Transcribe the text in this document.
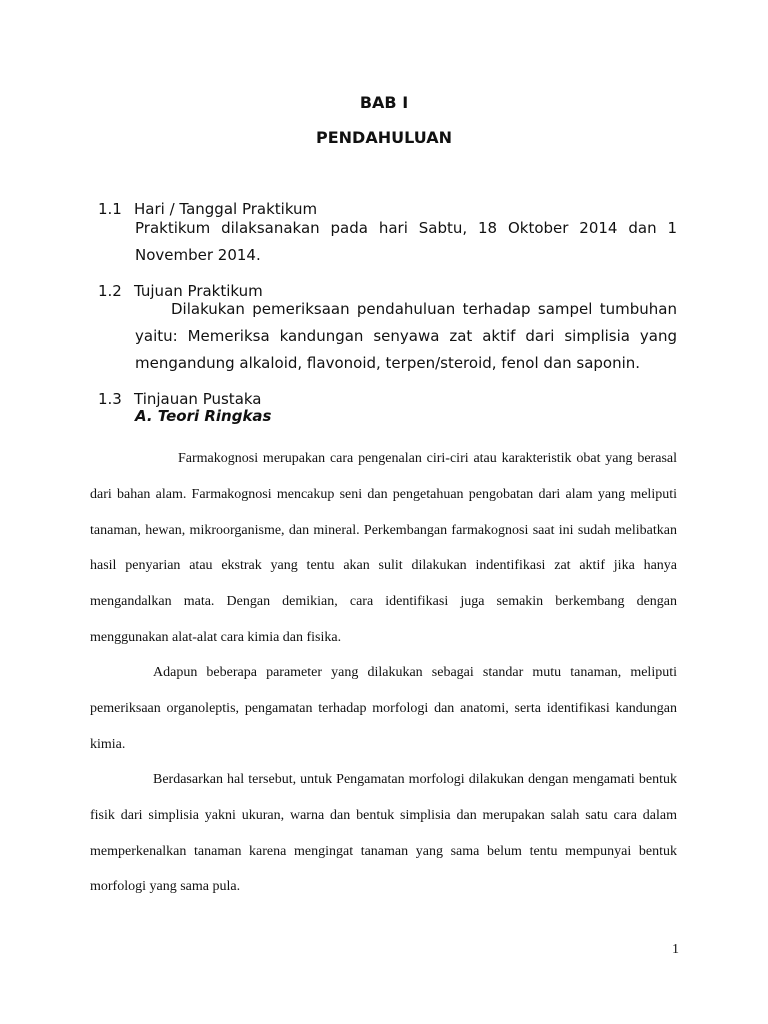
BAB I
PENDAHULUAN
1.1 Hari / Tanggal Praktikum
Praktikum dilaksanakan pada hari Sabtu, 18 Oktober 2014 dan 1 November 2014.
1.2 Tujuan Praktikum
Dilakukan pemeriksaan pendahuluan terhadap sampel tumbuhan yaitu: Memeriksa kandungan senyawa zat aktif dari simplisia yang mengandung alkaloid, flavonoid, terpen/steroid, fenol dan saponin.
1.3 Tinjauan Pustaka
A. Teori Ringkas
Farmakognosi merupakan cara pengenalan ciri-ciri atau karakteristik obat yang berasal dari bahan alam. Farmakognosi mencakup seni dan pengetahuan pengobatan dari alam yang meliputi tanaman, hewan, mikroorganisme, dan mineral. Perkembangan farmakognosi saat ini sudah melibatkan hasil penyarian atau ekstrak yang tentu akan sulit dilakukan indentifikasi zat aktif jika hanya mengandalkan mata. Dengan demikian, cara identifikasi juga semakin berkembang dengan menggunakan alat-alat cara kimia dan fisika.
Adapun beberapa parameter yang dilakukan sebagai standar mutu tanaman, meliputi pemeriksaan organoleptis, pengamatan terhadap morfologi dan anatomi, serta identifikasi kandungan kimia.
Berdasarkan hal tersebut, untuk Pengamatan morfologi dilakukan dengan mengamati bentuk fisik dari simplisia yakni ukuran, warna dan bentuk simplisia dan merupakan salah satu cara dalam memperkenalkan tanaman karena mengingat tanaman yang sama belum tentu mempunyai bentuk morfologi yang sama pula.
1
